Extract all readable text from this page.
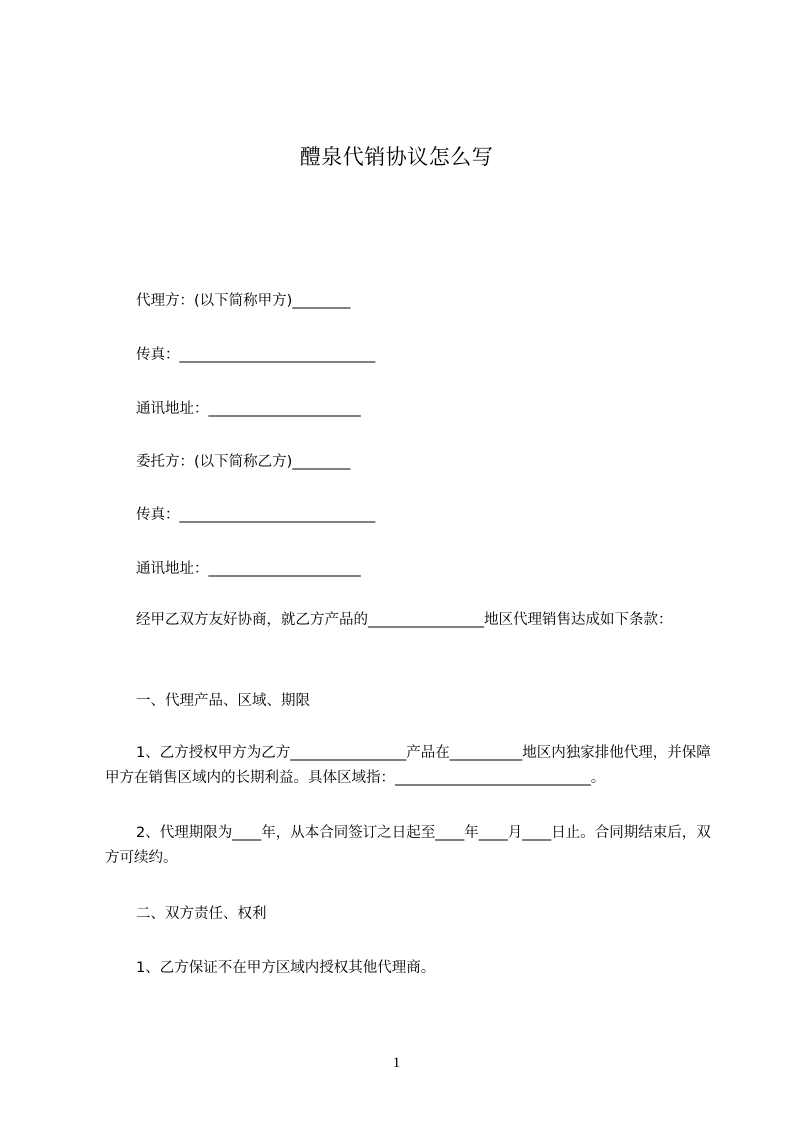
醴泉代销协议怎么写
代理方：(以下简称甲方)________
传真：___________________________
通讯地址：_____________________
委托方：(以下简称乙方)________
传真：___________________________
通讯地址：_____________________
经甲乙双方友好协商，就乙方产品的________________地区代理销售达成如下条款：
一、代理产品、区域、期限
1、乙方授权甲方为乙方________________产品在__________地区内独家排他代理，并保障甲方在销售区域内的长期利益。具体区域指：___________________________。
2、代理期限为____年，从本合同签订之日起至____年____月____日止。合同期结束后，双方可续约。
二、双方责任、权利
1、乙方保证不在甲方区域内授权其他代理商。
1
